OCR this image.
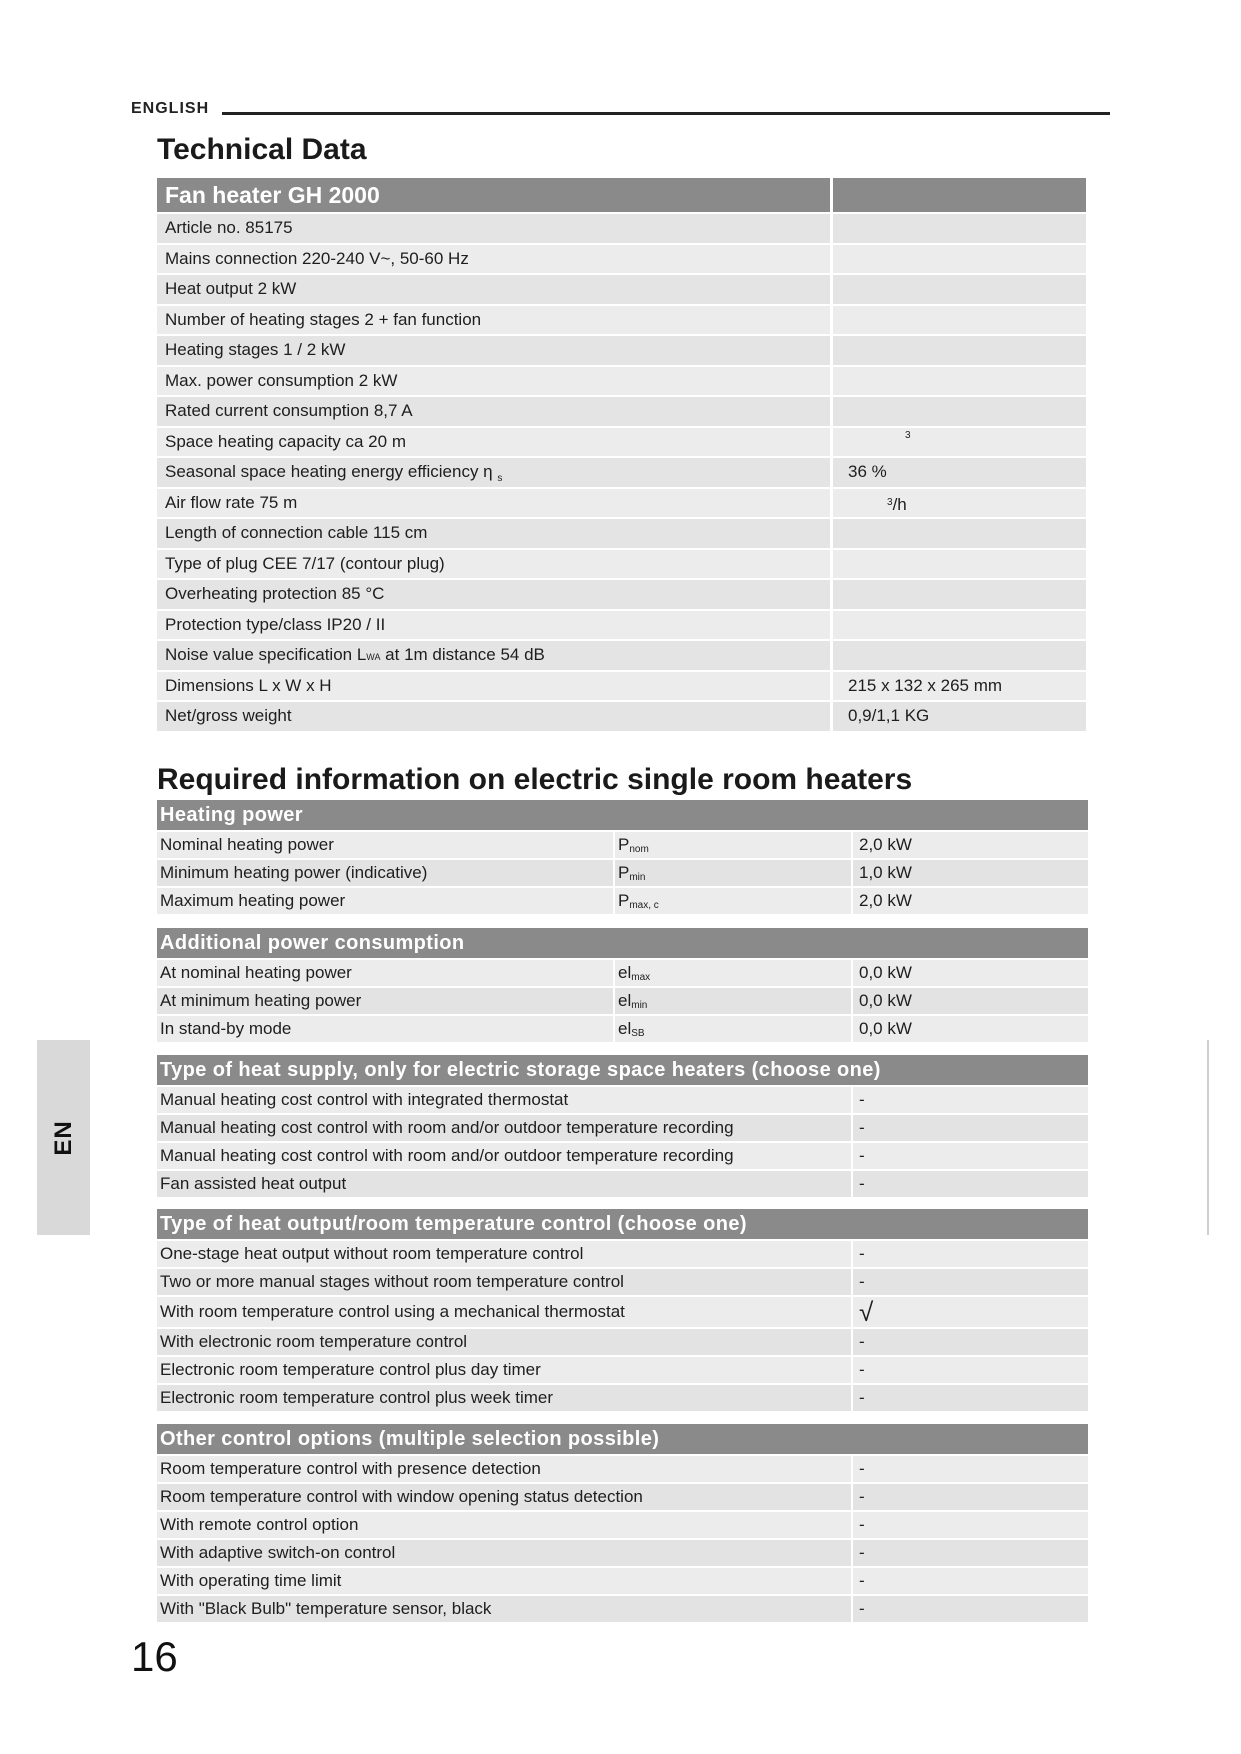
ENGLISH
Technical Data
Fan heater GH 2000
Article no. 85175
Mains connection 220-240 V~, 50-60 Hz
Heat output 2 kW
Number of heating stages 2 + fan function
Heating stages 1 / 2 kW
Max. power consumption 2 kW
Rated current consumption 8,7 A
Space heating capacity ca 20 m	3
Seasonal space heating energy efficiency η $_s$	36 %
Air flow rate 75 m	$^3$/h
Length of connection cable 115 cm
Type of plug CEE 7/17 (contour plug)
Overheating protection 85 °C
Protection type/class IP20 / II
Noise value specification LWA at 1m distance 54 dB
Dimensions L x W x H	215 x 132 x 265 mm
Net/gross weight	0,9/1,1 KG
Required information on electric single room heaters
Heating power
Nominal heating power	Pnom	2,0 kW
Minimum heating power (indicative)	Pmin	1,0 kW
Maximum heating power	Pmax, c	2,0 kW
Additional power consumption
At nominal heating power	elmax	0,0 kW
At minimum heating power	elmin	0,0 kW
In stand-by mode	elSB	0,0 kW
Type of heat supply, only for electric storage space heaters (choose one)
Manual heating cost control with integrated thermostat	-
Manual heating cost control with room and/or outdoor temperature recording	-
Manual heating cost control with room and/or outdoor temperature recording	-
Fan assisted heat output	-
Type of heat output/room temperature control (choose one)
One-stage heat output without room temperature control	-
Two or more manual stages without room temperature control	-
With room temperature control using a mechanical thermostat	√
With electronic room temperature control	-
Electronic room temperature control plus day timer	-
Electronic room temperature control plus week timer	-
Other control options (multiple selection possible)
Room temperature control with presence detection	-
Room temperature control with window opening status detection	-
With remote control option	-
With adaptive switch-on control	-
With operating time limit	-
With "Black Bulb" temperature sensor, black	-
EN
16
